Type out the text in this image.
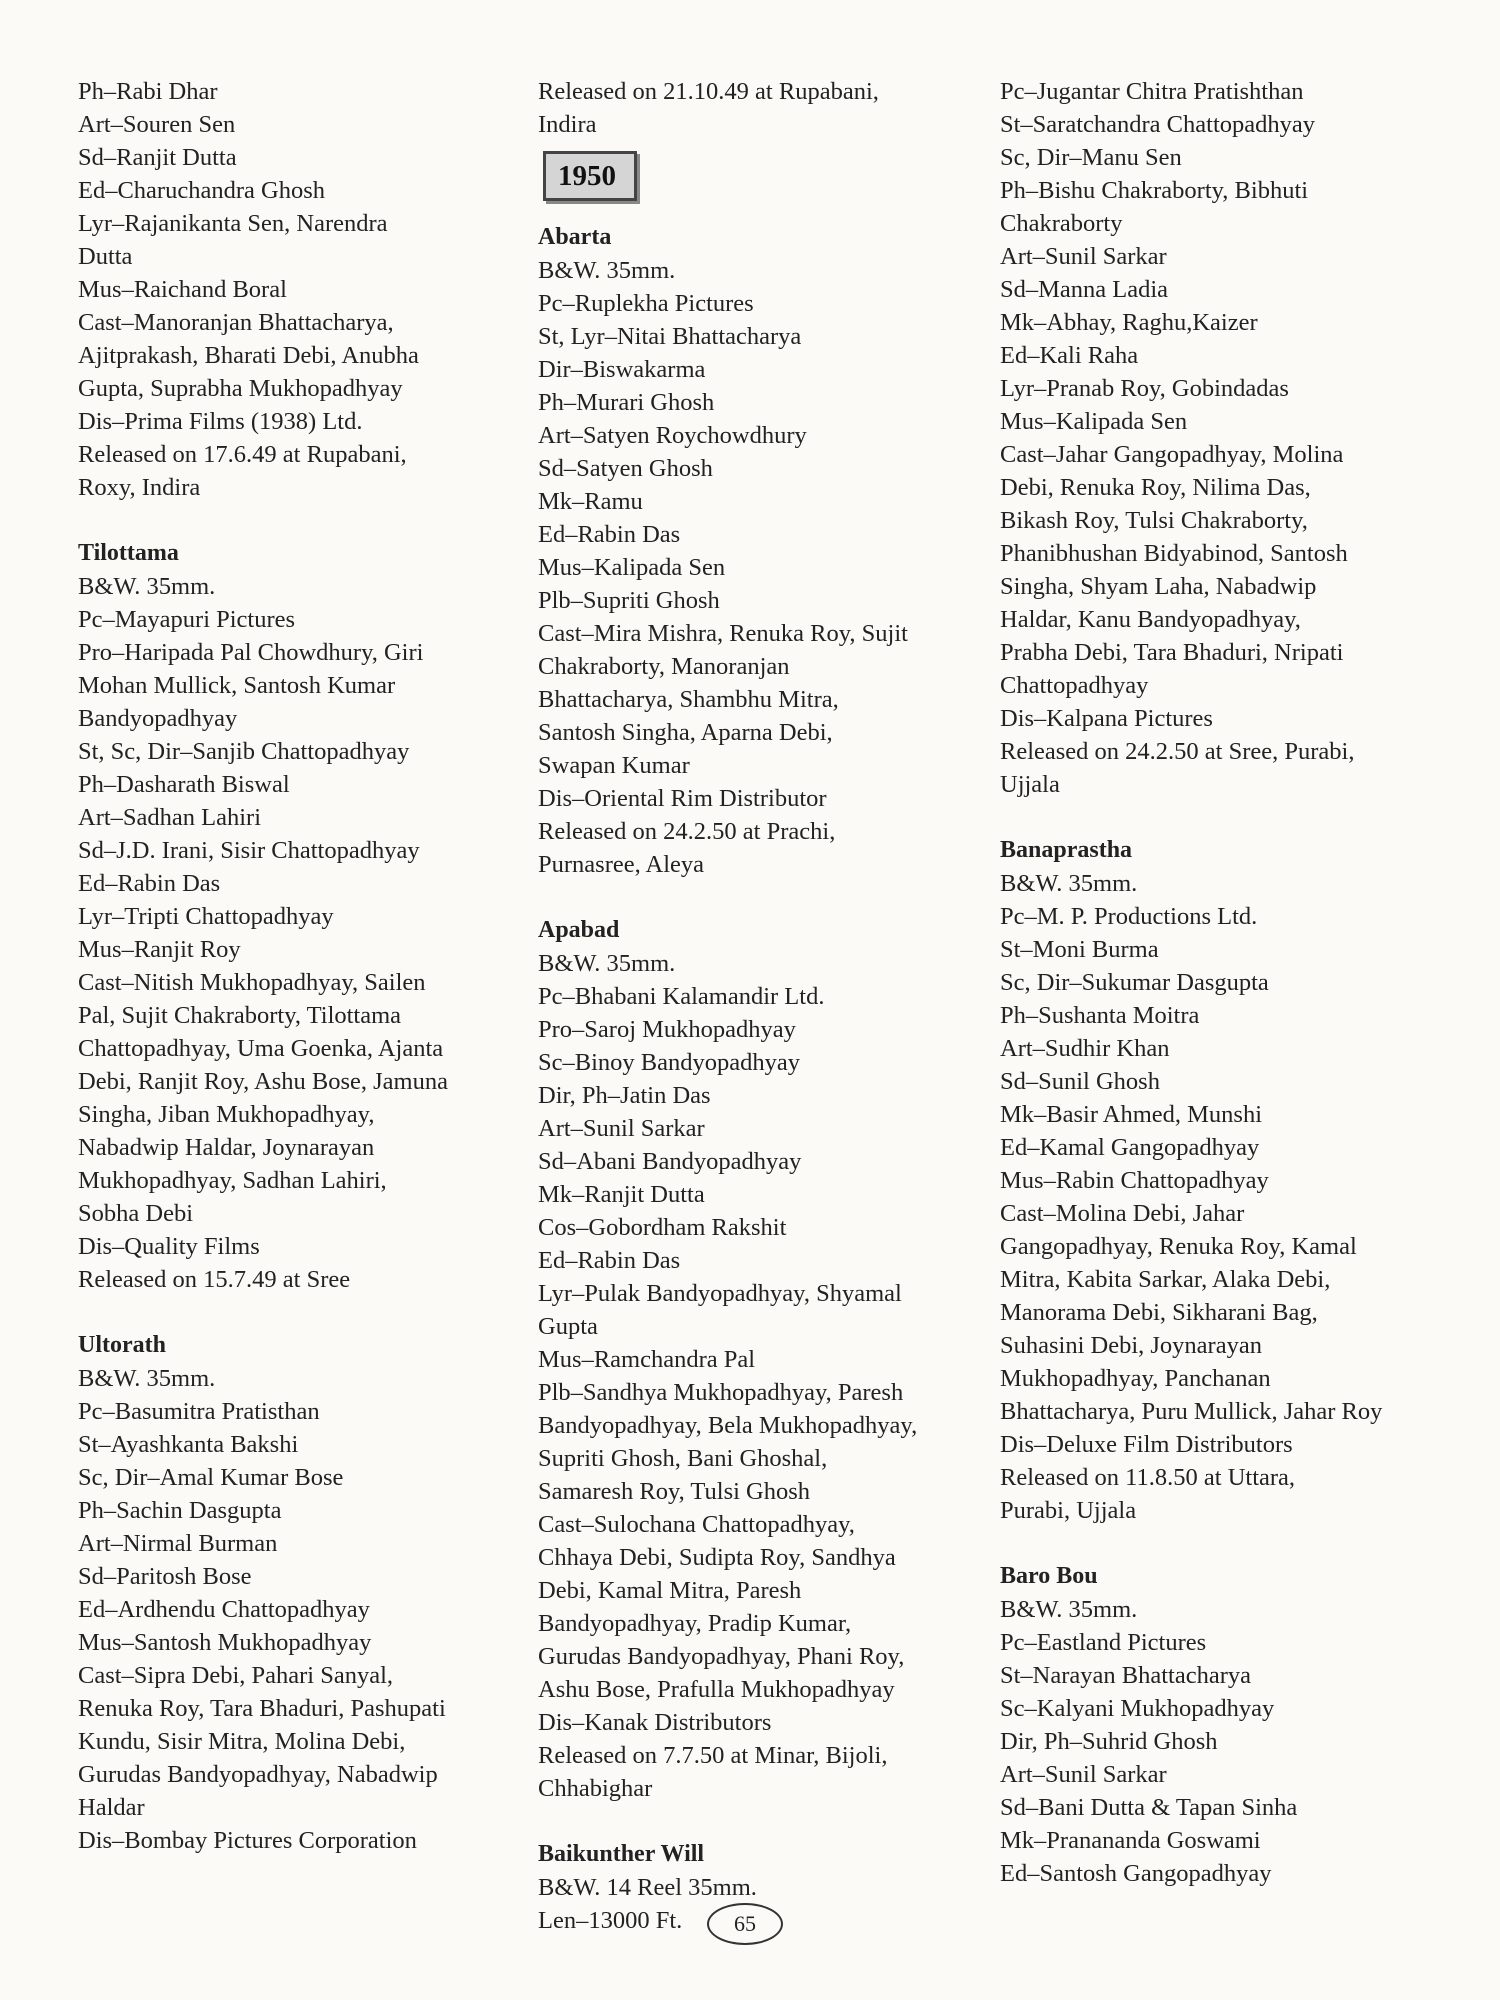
Ph–Rabi Dhar
Art–Souren Sen
Sd–Ranjit Dutta
Ed–Charuchandra Ghosh
Lyr–Rajanikanta Sen, Narendra
Dutta
Mus–Raichand Boral
Cast–Manoranjan Bhattacharya,
Ajitprakash, Bharati Debi, Anubha
Gupta, Suprabha Mukhopadhyay
Dis–Prima Films (1938) Ltd.
Released on 17.6.49 at Rupabani,
Roxy, Indira
Tilottama
B&W. 35mm.
Pc–Mayapuri Pictures
Pro–Haripada Pal Chowdhury, Giri
Mohan Mullick, Santosh Kumar
Bandyopadhyay
St, Sc, Dir–Sanjib Chattopadhyay
Ph–Dasharath Biswal
Art–Sadhan Lahiri
Sd–J.D. Irani, Sisir Chattopadhyay
Ed–Rabin Das
Lyr–Tripti Chattopadhyay
Mus–Ranjit Roy
Cast–Nitish Mukhopadhyay, Sailen
Pal, Sujit Chakraborty, Tilottama
Chattopadhyay, Uma Goenka, Ajanta
Debi, Ranjit Roy, Ashu Bose, Jamuna
Singha, Jiban Mukhopadhyay,
Nabadwip Haldar, Joynarayan
Mukhopadhyay, Sadhan Lahiri,
Sobha Debi
Dis–Quality Films
Released on 15.7.49 at Sree
Ultorath
B&W. 35mm.
Pc–Basumitra Pratisthan
St–Ayashkanta Bakshi
Sc, Dir–Amal Kumar Bose
Ph–Sachin Dasgupta
Art–Nirmal Burman
Sd–Paritosh Bose
Ed–Ardhendu Chattopadhyay
Mus–Santosh Mukhopadhyay
Cast–Sipra Debi, Pahari Sanyal,
Renuka Roy, Tara Bhaduri, Pashupati
Kundu, Sisir Mitra, Molina Debi,
Gurudas Bandyopadhyay, Nabadwip
Haldar
Dis–Bombay Pictures Corporation
Released on 21.10.49 at Rupabani,
Indira
1950
Abarta
B&W. 35mm.
Pc–Ruplekha Pictures
St, Lyr–Nitai Bhattacharya
Dir–Biswakarma
Ph–Murari Ghosh
Art–Satyen Roychowdhury
Sd–Satyen Ghosh
Mk–Ramu
Ed–Rabin Das
Mus–Kalipada Sen
Plb–Supriti Ghosh
Cast–Mira Mishra, Renuka Roy, Sujit
Chakraborty, Manoranjan
Bhattacharya, Shambhu Mitra,
Santosh Singha, Aparna Debi,
Swapan Kumar
Dis–Oriental Rim Distributor
Released on 24.2.50 at Prachi,
Purnasree, Aleya
Apabad
B&W. 35mm.
Pc–Bhabani Kalamandir Ltd.
Pro–Saroj Mukhopadhyay
Sc–Binoy Bandyopadhyay
Dir, Ph–Jatin Das
Art–Sunil Sarkar
Sd–Abani Bandyopadhyay
Mk–Ranjit Dutta
Cos–Gobordham Rakshit
Ed–Rabin Das
Lyr–Pulak Bandyopadhyay, Shyamal
Gupta
Mus–Ramchandra Pal
Plb–Sandhya Mukhopadhyay, Paresh
Bandyopadhyay, Bela Mukhopadhyay,
Supriti Ghosh, Bani Ghoshal,
Samaresh Roy, Tulsi Ghosh
Cast–Sulochana Chattopadhyay,
Chhaya Debi, Sudipta Roy, Sandhya
Debi, Kamal Mitra, Paresh
Bandyopadhyay, Pradip Kumar,
Gurudas Bandyopadhyay, Phani Roy,
Ashu Bose, Prafulla Mukhopadhyay
Dis–Kanak Distributors
Released on 7.7.50 at Minar, Bijoli,
Chhabighar
Baikunther Will
B&W. 14 Reel 35mm.
Len–13000 Ft.
Pc–Jugantar Chitra Pratishthan
St–Saratchandra Chattopadhyay
Sc, Dir–Manu Sen
Ph–Bishu Chakraborty, Bibhuti
Chakraborty
Art–Sunil Sarkar
Sd–Manna Ladia
Mk–Abhay, Raghu,Kaizer
Ed–Kali Raha
Lyr–Pranab Roy, Gobindadas
Mus–Kalipada Sen
Cast–Jahar Gangopadhyay, Molina
Debi, Renuka Roy, Nilima Das,
Bikash Roy, Tulsi Chakraborty,
Phanibhushan Bidyabinod, Santosh
Singha, Shyam Laha, Nabadwip
Haldar, Kanu Bandyopadhyay,
Prabha Debi, Tara Bhaduri, Nripati
Chattopadhyay
Dis–Kalpana Pictures
Released on 24.2.50 at Sree, Purabi,
Ujjala
Banaprastha
B&W. 35mm.
Pc–M. P. Productions Ltd.
St–Moni Burma
Sc, Dir–Sukumar Dasgupta
Ph–Sushanta Moitra
Art–Sudhir Khan
Sd–Sunil Ghosh
Mk–Basir Ahmed, Munshi
Ed–Kamal Gangopadhyay
Mus–Rabin Chattopadhyay
Cast–Molina Debi, Jahar
Gangopadhyay, Renuka Roy, Kamal
Mitra, Kabita Sarkar, Alaka Debi,
Manorama Debi, Sikharani Bag,
Suhasini Debi, Joynarayan
Mukhopadhyay, Panchanan
Bhattacharya, Puru Mullick, Jahar Roy
Dis–Deluxe Film Distributors
Released on 11.8.50 at Uttara,
Purabi, Ujjala
Baro Bou
B&W. 35mm.
Pc–Eastland Pictures
St–Narayan Bhattacharya
Sc–Kalyani Mukhopadhyay
Dir, Ph–Suhrid Ghosh
Art–Sunil Sarkar
Sd–Bani Dutta & Tapan Sinha
Mk–Pranananda Goswami
Ed–Santosh Gangopadhyay
65
